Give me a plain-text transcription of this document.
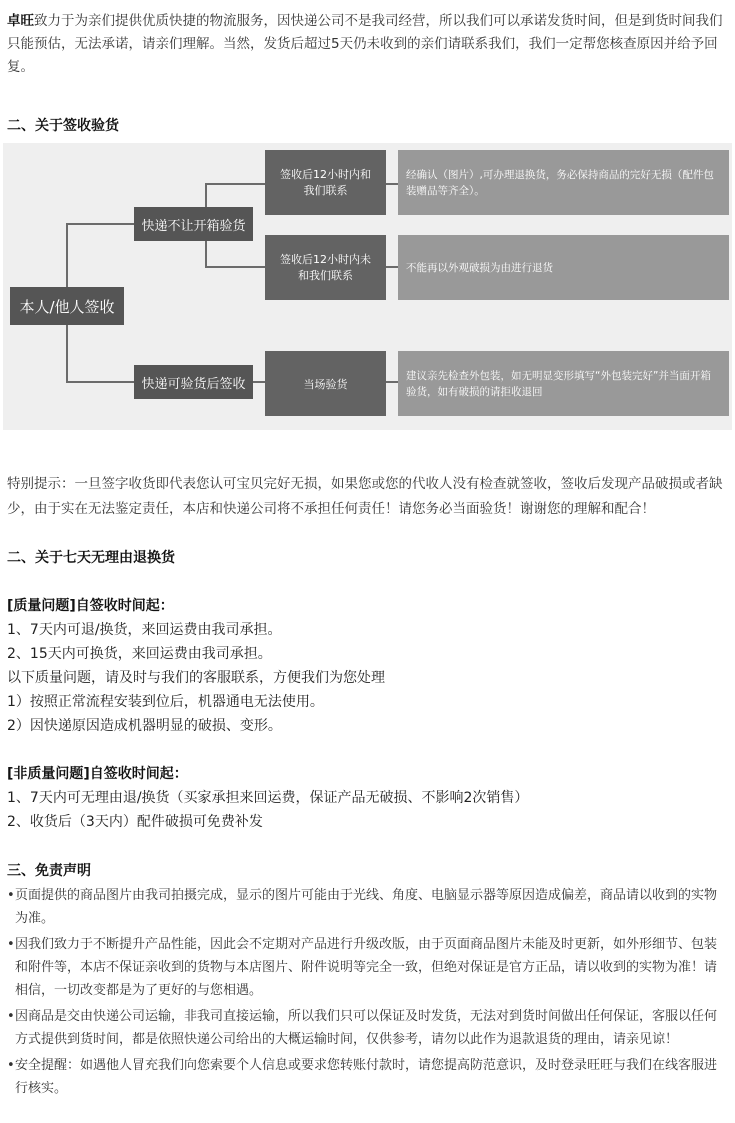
卓旺致力于为亲们提供优质快捷的物流服务，因快递公司不是我司经营，所以我们可以承诺发货时间，但是到货时间我们只能预估，无法承诺，请亲们理解。当然，发货后超过5天仍未收到的亲们请联系我们，我们一定帮您核查原因并给予回复。
二、关于签收验货
本人/他人签收
快递不让开箱验货
快递可验货后签收
签收后12小时内和我们联系
签收后12小时内未和我们联系
当场验货
经确认（图片）,可办理退换货，务必保持商品的完好无损（配件包装赠品等齐全）。
不能再以外观破损为由进行退货
建议亲先检查外包装，如无明显变形填写“外包装完好”并当面开箱验货，如有破损的请拒收退回
特别提示：一旦签字收货即代表您认可宝贝完好无损，如果您或您的代收人没有检查就签收，签收后发现产品破损或者缺少，由于实在无法鉴定责任，本店和快递公司将不承担任何责任！请您务必当面验货！谢谢您的理解和配合！
二、关于七天无理由退换货
[质量问题]自签收时间起：
1、7天内可退/换货，来回运费由我司承担。
2、15天内可换货，来回运费由我司承担。
以下质量问题，请及时与我们的客服联系，方便我们为您处理
1）按照正常流程安装到位后，机器通电无法使用。
2）因快递原因造成机器明显的破损、变形。
[非质量问题]自签收时间起：
1、7天内可无理由退/换货（买家承担来回运费，保证产品无破损、不影响2次销售）
2、收货后（3天内）配件破损可免费补发
三、免责声明
• 页面提供的商品图片由我司拍摄完成，显示的图片可能由于光线、角度、电脑显示器等原因造成偏差，商品请以收到的实物为准。
• 因我们致力于不断提升产品性能，因此会不定期对产品进行升级改版，由于页面商品图片未能及时更新，如外形细节、包装和附件等，本店不保证亲收到的货物与本店图片、附件说明等完全一致，但绝对保证是官方正品，请以收到的实物为准！请相信，一切改变都是为了更好的与您相遇。
• 因商品是交由快递公司运输，非我司直接运输，所以我们只可以保证及时发货，无法对到货时间做出任何保证，客服以任何方式提供到货时间，都是依照快递公司给出的大概运输时间，仅供参考，请勿以此作为退款退货的理由，请亲见谅！
• 安全提醒：如遇他人冒充我们向您索要个人信息或要求您转账付款时，请您提高防范意识，及时登录旺旺与我们在线客服进行核实。
